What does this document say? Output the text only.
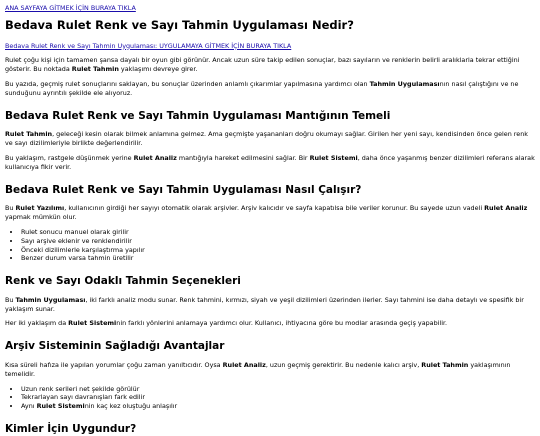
ANA SAYFAYA GİTMEK İÇİN BURAYA TIKLA
Bedava Rulet Renk ve Sayı Tahmin Uygulaması Nedir?

Bedava Rulet Renk ve Sayı Tahmin Uygulaması: UYGULAMAYA GİTMEK İÇİN BURAYA TIKLA

Rulet çoğu kişi için tamamen şansa dayalı bir oyun gibi görünür. Ancak uzun süre takip edilen sonuçlar, bazı sayıların ve renklerin belirli aralıklarla tekrar ettiğini gösterir. Bu noktada Rulet Tahmin yaklaşımı devreye girer.

Bu yazıda, geçmiş rulet sonuçlarını saklayan, bu sonuçlar üzerinden anlamlı çıkarımlar yapılmasına yardımcı olan Tahmin Uygulamasının nasıl çalıştığını ve ne sunduğunu ayrıntılı şekilde ele alıyoruz.

Bedava Rulet Renk ve Sayı Tahmin Uygulaması Mantığının Temeli

Rulet Tahmin, geleceği kesin olarak bilmek anlamına gelmez. Ama geçmişte yaşananları doğru okumayı sağlar. Girilen her yeni sayı, kendisinden önce gelen renk ve sayı dizilimleriyle birlikte değerlendirilir.

Bu yaklaşım, rastgele düşünmek yerine Rulet Analiz mantığıyla hareket edilmesini sağlar. Bir Rulet Sistemi, daha önce yaşanmış benzer dizilimleri referans alarak kullanıcıya fikir verir.

Bedava Rulet Renk ve Sayı Tahmin Uygulaması Nasıl Çalışır?

Bu Rulet Yazılımı, kullanıcının girdiği her sayıyı otomatik olarak arşivler. Arşiv kalıcıdır ve sayfa kapatılsa bile veriler korunur. Bu sayede uzun vadeli Rulet Analiz yapmak mümkün olur.

• Rulet sonucu manuel olarak girilir
• Sayı arşive eklenir ve renklendirilir
• Önceki dizilimlerle karşılaştırma yapılır
• Benzer durum varsa tahmin üretilir
Renk ve Sayı Odaklı Tahmin Seçenekleri

Bu Tahmin Uygulaması, iki farklı analiz modu sunar. Renk tahmini, kırmızı, siyah ve yeşil dizilimleri üzerinden ilerler. Sayı tahmini ise daha detaylı ve spesifik bir yaklaşım sunar.

Her iki yaklaşım da Rulet Sisteminin farklı yönlerini anlamaya yardımcı olur. Kullanıcı, ihtiyacına göre bu modlar arasında geçiş yapabilir.

Arşiv Sisteminin Sağladığı Avantajlar

Kısa süreli hafıza ile yapılan yorumlar çoğu zaman yanıltıcıdır. Oysa Rulet Analiz, uzun geçmiş gerektirir. Bu nedenle kalıcı arşiv, Rulet Tahmin yaklaşımının temelidir.

• Uzun renk serileri net şekilde görülür
• Tekrarlayan sayı davranışları fark edilir
• Aynı Rulet Sisteminin kaç kez oluştuğu anlaşılır
Kimler İçin Uygundur?
